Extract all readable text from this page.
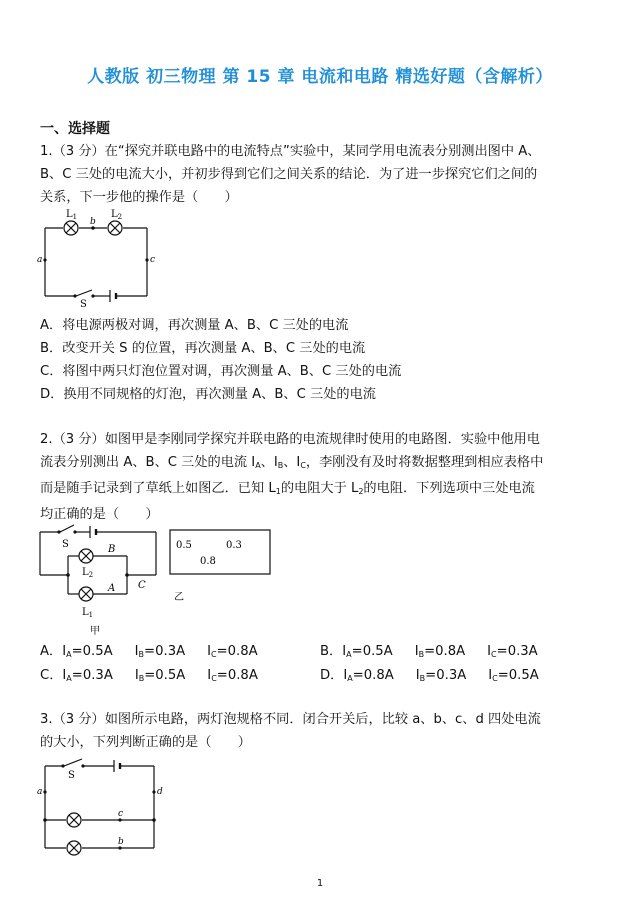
人教版 初三物理 第 15 章 电流和电路 精选好题（含解析）
一、选择题
1.（3 分）在“探究并联电路中的电流特点”实验中，某同学用电流表分别测出图中 A、
B、C 三处的电流大小，并初步得到它们之间关系的结论．为了进一步探究它们之间的
关系，下一步他的操作是（　　）
$L_1$	$L_2$
b
a	c
S
A．将电源两极对调，再次测量 A、B、C 三处的电流
B．改变开关 S 的位置，再次测量 A、B、C 三处的电流
C．将图中两只灯泡位置对调，再次测量 A、B、C 三处的电流
D．换用不同规格的灯泡，再次测量 A、B、C 三处的电流
2.（3 分）如图甲是李刚同学探究并联电路的电流规律时使用的电路图．实验中他用电
流表分别测出 A、B、C 三处的电流 $I_A$、$I_B$、$I_C$，李刚没有及时将数据整理到相应表格中
而是随手记录到了草纸上如图乙．已知 $L_1$的电阻大于 $L_2$的电阻．下列选项中三处电流
均正确的是（　　）
S	B
A C
$L_2$
$L_1$
甲
0.5	0.3
0.8
乙
A．$I_A=0.5A$ $I_B=0.3A$ $I_C=0.8A$	B．$I_A=0.5A$ $I_B=0.8A$ $I_C=0.3A$
C．$I_A=0.3A$ $I_B=0.5A$ $I_C=0.8A$	D．$I_A=0.8A$ $I_B=0.3A$ $I_C=0.5A$
3.（3 分）如图所示电路，两灯泡规格不同．闭合开关后，比较 a、b、c、d 四处电流
的大小，下列判断正确的是（　　）
S
a	d
c
b
1
